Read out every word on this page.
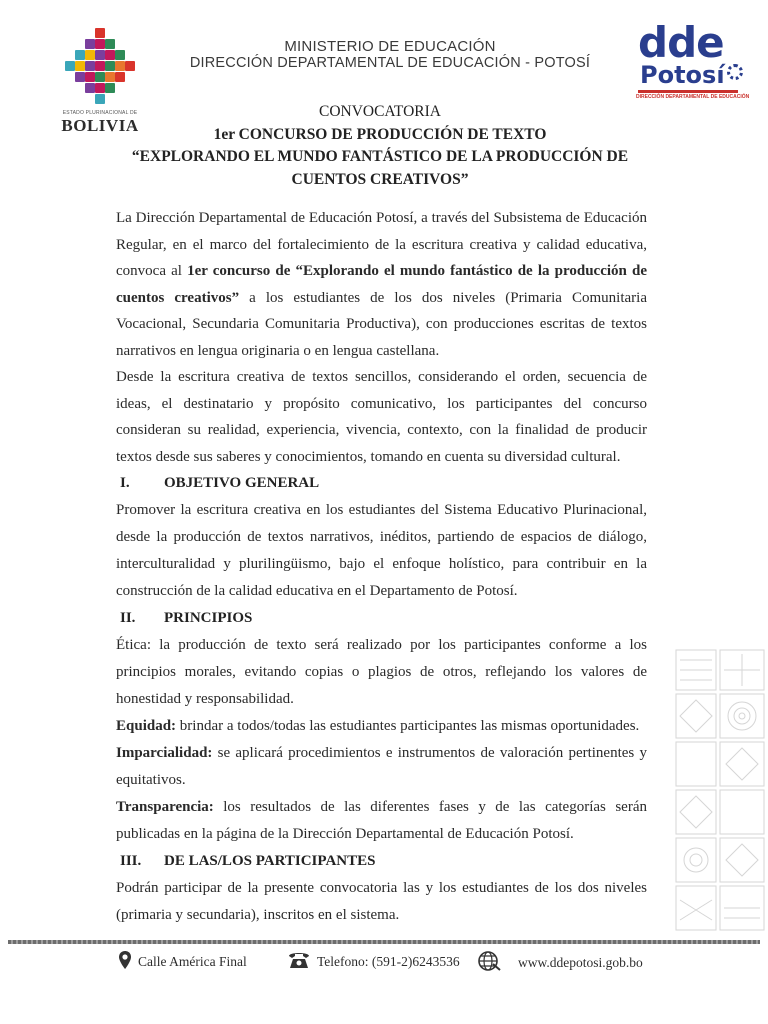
ESTADO PLURINACIONAL DE
BOLIVIA
MINISTERIO DE EDUCACIÓN
DIRECCIÓN DEPARTAMENTAL DE EDUCACIÓN - POTOSÍ dde
Potosí
DIRECCIÓN DEPARTAMENTAL DE EDUCACIÓN
CONVOCATORIA
1er CONCURSO DE PRODUCCIÓN DE TEXTO
“EXPLORANDO EL MUNDO FANTÁSTICO DE LA PRODUCCIÓN DE
CUENTOS CREATIVOS”
La Dirección Departamental de Educación Potosí, a través del Subsistema de Educación Regular, en el marco del fortalecimiento de la escritura creativa y calidad educativa, convoca al 1er concurso de “Explorando el mundo fantástico de la producción de cuentos creativos” a los estudiantes de los dos niveles (Primaria Comunitaria Vocacional, Secundaria Comunitaria Productiva), con producciones escritas de textos narrativos en lengua originaria o en lengua castellana.
Desde la escritura creativa de textos sencillos, considerando el orden, secuencia de ideas, el destinatario y propósito comunicativo, los participantes del concurso consideran su realidad, experiencia, vivencia, contexto, con la finalidad de producir textos desde sus saberes y conocimientos, tomando en cuenta su diversidad cultural.
I. OBJETIVO GENERAL
Promover la escritura creativa en los estudiantes del Sistema Educativo Plurinacional, desde la producción de textos narrativos, inéditos, partiendo de espacios de diálogo, interculturalidad y plurilingüismo, bajo el enfoque holístico, para contribuir en la construcción de la calidad educativa en el Departamento de Potosí.
II. PRINCIPIOS
Ética: la producción de texto será realizado por los participantes conforme a los principios morales, evitando copias o plagios de otros, reflejando los valores de honestidad y responsabilidad.
Equidad: brindar a todos/todas las estudiantes participantes las mismas oportunidades.
Imparcialidad: se aplicará procedimientos e instrumentos de valoración pertinentes y equitativos.
Transparencia: los resultados de las diferentes fases y de las categorías serán publicadas en la página de la Dirección Departamental de Educación Potosí.
III. DE LAS/LOS PARTICIPANTES
Podrán participar de la presente convocatoria las y los estudiantes de los dos niveles (primaria y secundaria), inscritos en el sistema.
Calle América Final	Telefono: (591-2)6243536	www.ddepotosi.gob.bo
